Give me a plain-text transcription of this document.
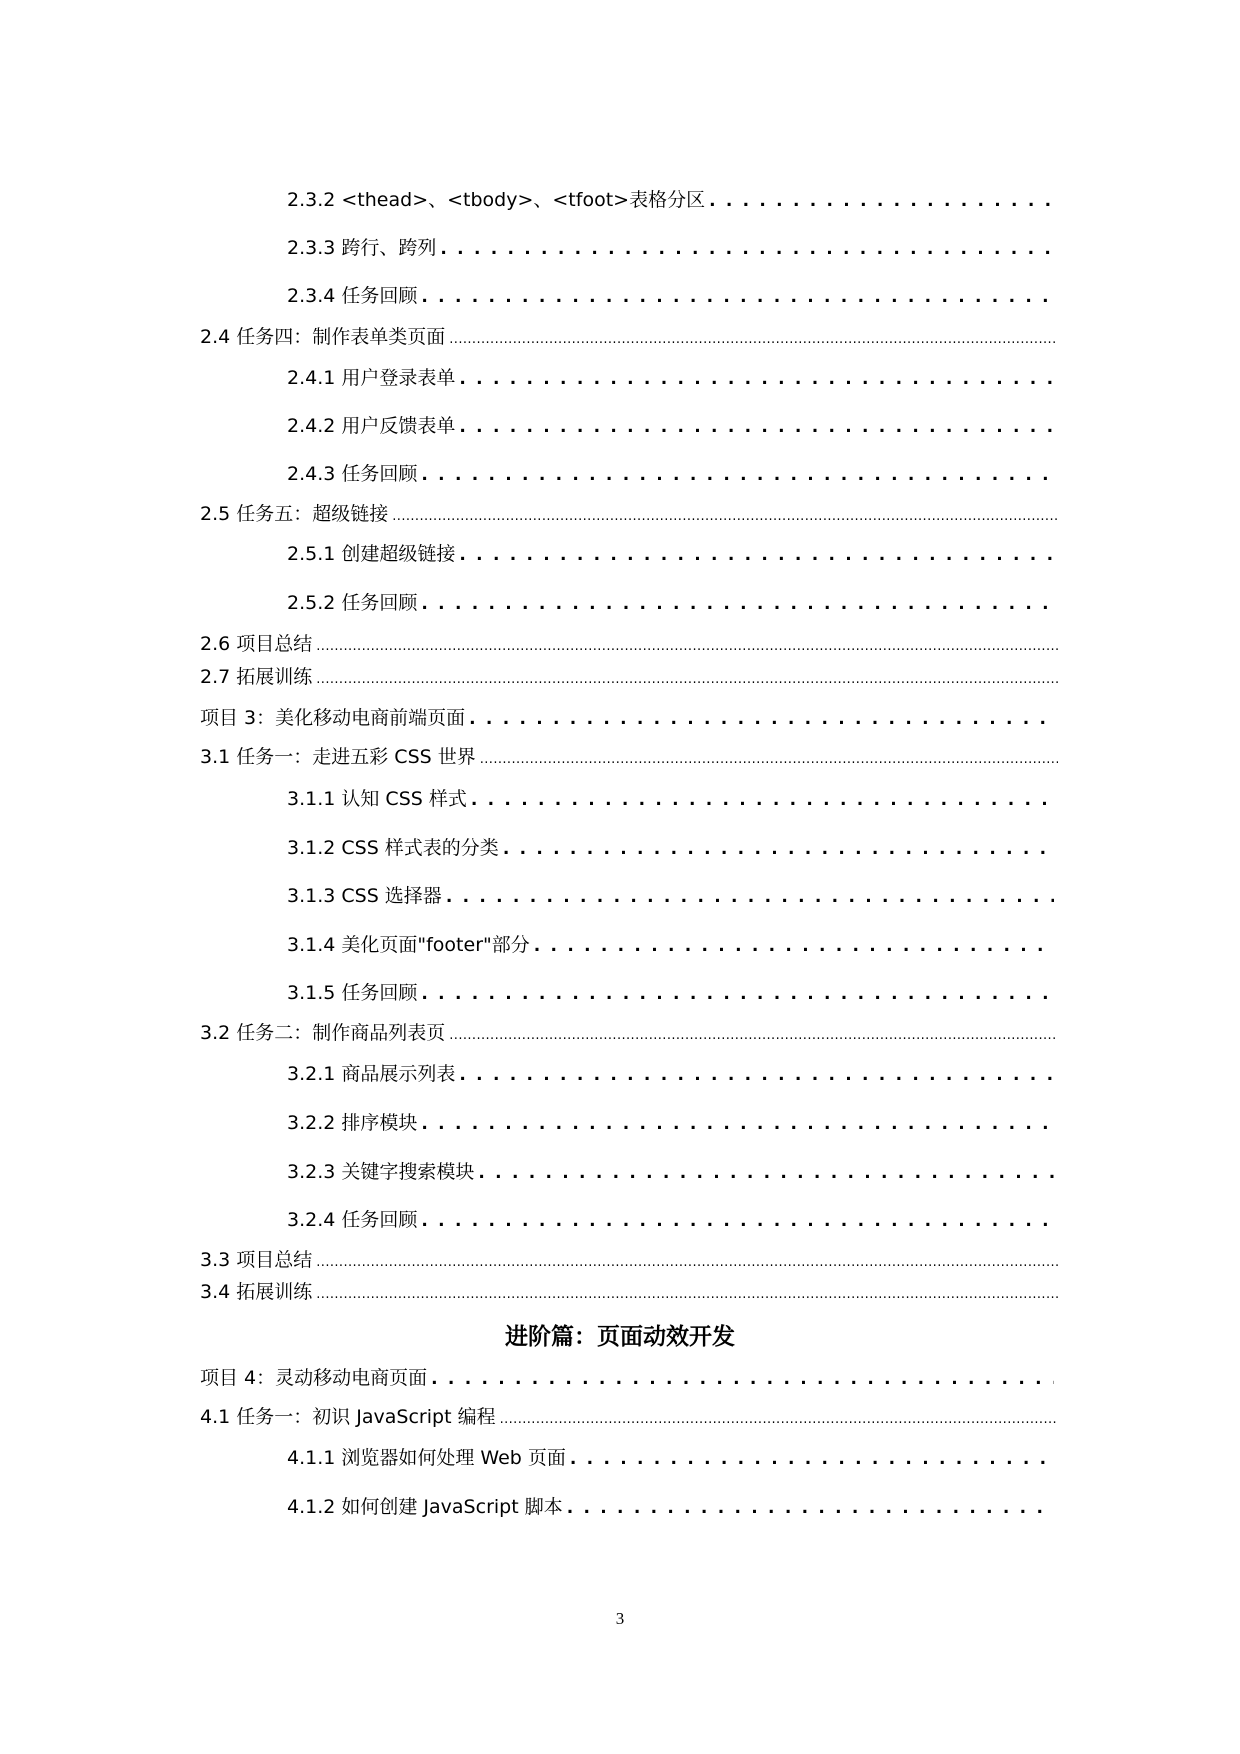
2.3.2 <thead>、<tbody>、<tfoot>表格分区
. . .
2.3.3 跨行、跨列
. . .
2.3.4 任务回顾
. . .
2.4 任务四：制作表单类页面
.....
2.4.1 用户登录表单
. . .
2.4.2 用户反馈表单
. . .
2.4.3 任务回顾
. . .
2.5 任务五：超级链接
.....
2.5.1 创建超级链接
. . .
2.5.2 任务回顾
. . .
2.6 项目总结
.....
2.7 拓展训练
.....
项目 3：美化移动电商前端页面
. . .
3.1 任务一：走进五彩 CSS 世界
.....
3.1.1 认知 CSS 样式
. . .
3.1.2 CSS 样式表的分类
. . .
3.1.3 CSS 选择器
. . .
3.1.4 美化页面"footer"部分
. . .
3.1.5 任务回顾
. . .
3.2 任务二：制作商品列表页
.....
3.2.1 商品展示列表
. . .
3.2.2 排序模块
. . .
3.2.3 关键字搜索模块
. . .
3.2.4 任务回顾
. . .
3.3 项目总结
.....
3.4 拓展训练
.....
进阶篇：页面动效开发
项目 4：灵动移动电商页面
. . .
4.1 任务一：初识 JavaScript 编程
.....
4.1.1 浏览器如何处理 Web 页面
. . .
4.1.2 如何创建 JavaScript 脚本
. . .
3
